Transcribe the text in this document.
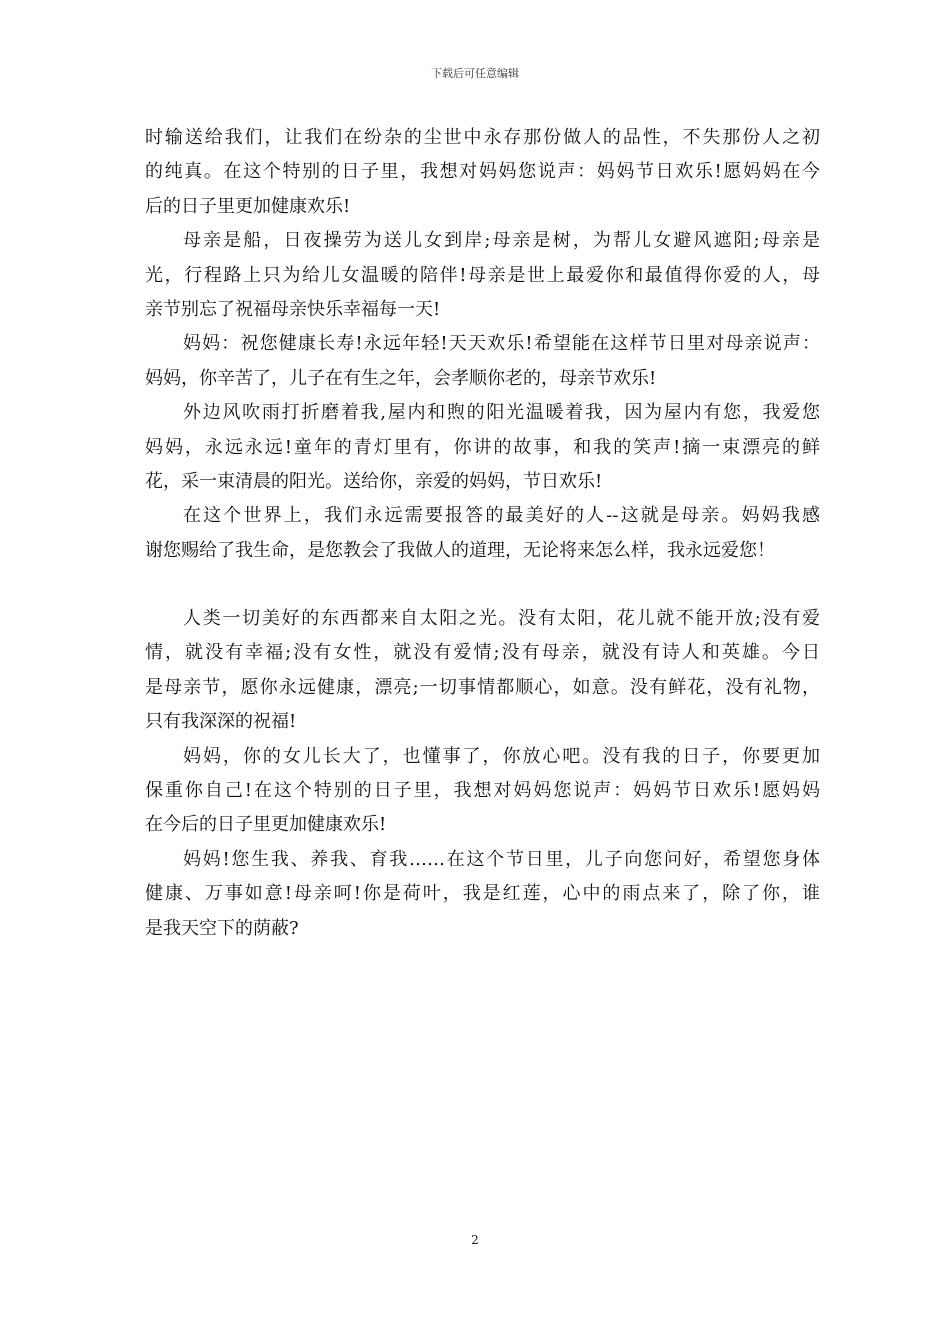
下载后可任意编辑
时输送给我们，让我们在纷杂的尘世中永存那份做人的品性，不失那份人之初
的纯真。在这个特别的日子里，我想对妈妈您说声：妈妈节日欢乐!愿妈妈在今
后的日子里更加健康欢乐!
母亲是船，日夜操劳为送儿女到岸;母亲是树，为帮儿女避风遮阳;母亲是
光，行程路上只为给儿女温暖的陪伴!母亲是世上最爱你和最值得你爱的人，母
亲节别忘了祝福母亲快乐幸福每一天!
妈妈：祝您健康长寿!永远年轻!天天欢乐!希望能在这样节日里对母亲说声：
妈妈，你辛苦了，儿子在有生之年，会孝顺你老的，母亲节欢乐!
外边风吹雨打折磨着我,屋内和煦的阳光温暖着我，因为屋内有您，我爱您
妈妈，永远永远!童年的青灯里有，你讲的故事，和我的笑声!摘一束漂亮的鲜
花，采一束清晨的阳光。送给你，亲爱的妈妈，节日欢乐!
在这个世界上，我们永远需要报答的最美好的人--这就是母亲。妈妈我感
谢您赐给了我生命，是您教会了我做人的道理，无论将来怎么样，我永远爱您！
人类一切美好的东西都来自太阳之光。没有太阳，花儿就不能开放;没有爱
情，就没有幸福;没有女性，就没有爱情;没有母亲，就没有诗人和英雄。今日
是母亲节，愿你永远健康，漂亮;一切事情都顺心，如意。没有鲜花，没有礼物，
只有我深深的祝福!
妈妈，你的女儿长大了，也懂事了，你放心吧。没有我的日子，你要更加
保重你自己!在这个特别的日子里，我想对妈妈您说声：妈妈节日欢乐!愿妈妈
在今后的日子里更加健康欢乐!
妈妈!您生我、养我、育我……在这个节日里，儿子向您问好，希望您身体
健康、万事如意!母亲呵!你是荷叶，我是红莲，心中的雨点来了，除了你，谁
是我天空下的荫蔽?
2
